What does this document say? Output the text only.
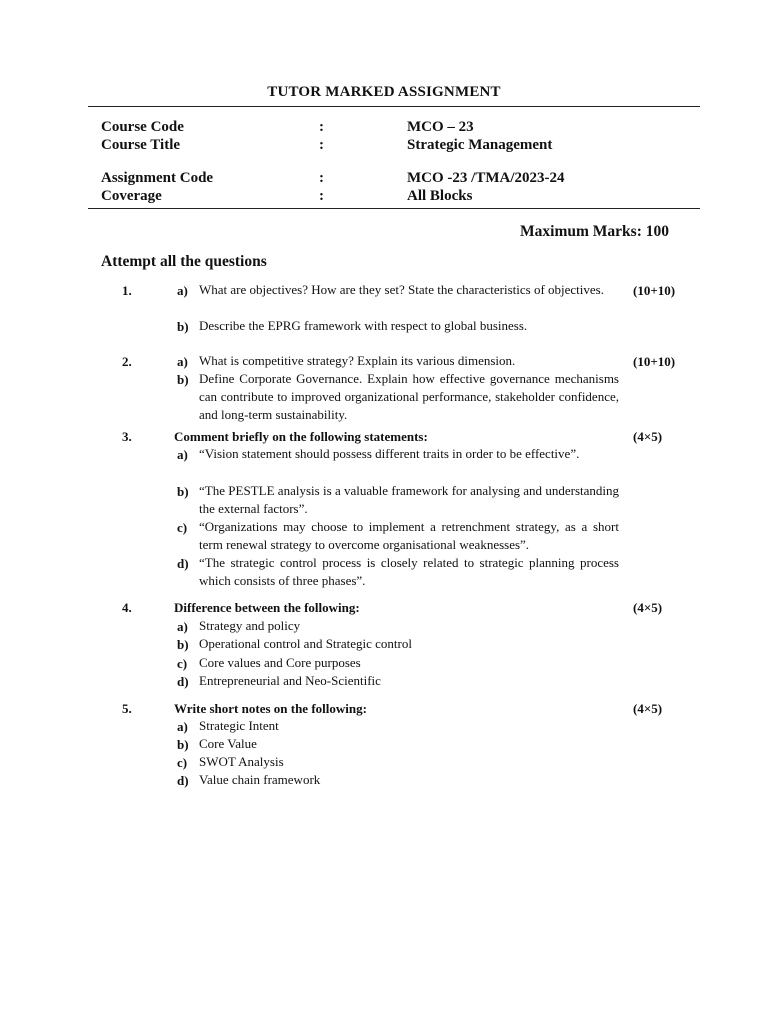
TUTOR MARKED ASSIGNMENT
Course Code	:	MCO – 23
Course Title	:	Strategic Management
Assignment Code	:	MCO -23 /TMA/2023-24
Coverage	:	All Blocks
Maximum Marks: 100
Attempt all the questions
1.	(10+10)
a) What are objectives? How are they set? State the characteristics of objectives.
b) Describe the EPRG framework with respect to global business.
2.	(10+10)
a) What is competitive strategy? Explain its various dimension.
b) Define Corporate Governance. Explain how effective governance mechanisms can contribute to improved organizational performance, stakeholder confidence, and long-term sustainability.
3.	Comment briefly on the following statements:	(4×5)
a) “Vision statement should possess different traits in order to be effective”.
b) “The PESTLE analysis is a valuable framework for analysing and understanding the external factors”.
c) “Organizations may choose to implement a retrenchment strategy, as a short term renewal strategy to overcome organisational weaknesses”.
d) “The strategic control process is closely related to strategic planning process which consists of three phases”.
4.	Difference between the following:	(4×5)
a) Strategy and policy
b) Operational control and Strategic control
c) Core values and Core purposes
d) Entrepreneurial and Neo-Scientific
5.	Write short notes on the following:	(4×5)
a) Strategic Intent
b) Core Value
c) SWOT Analysis
d) Value chain framework
